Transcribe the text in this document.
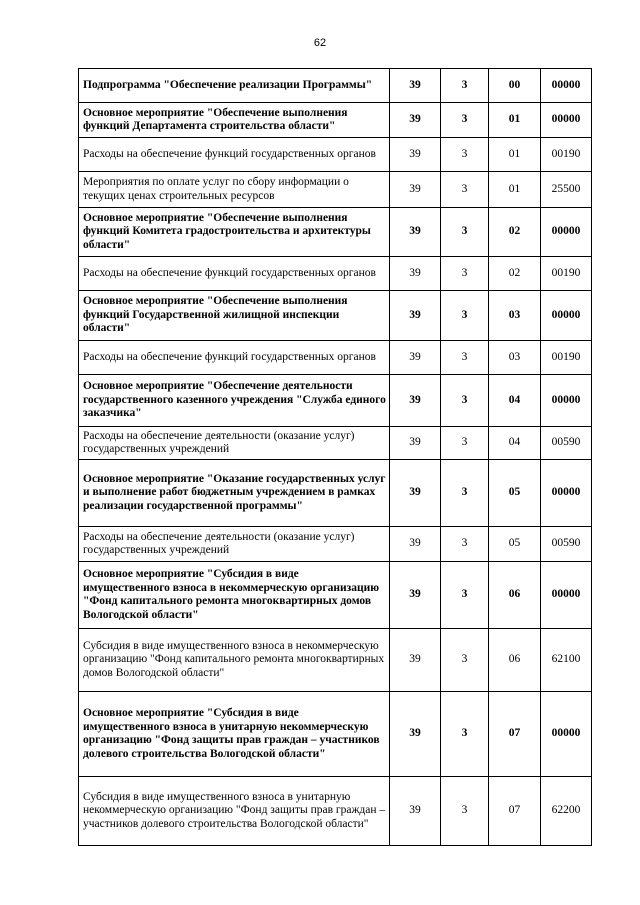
62
Подпрограмма "Обеспечение реализации Программы"	39	3	00	00000
Основное мероприятие "Обеспечение выполнения функций Департамента строительства области"	39	3	01	00000
Расходы на обеспечение функций государственных органов	39	3	01	00190
Мероприятия по оплате услуг по сбору информации о текущих ценах строительных ресурсов	39	3	01	25500
Основное мероприятие "Обеспечение выполнения функций Комитета градостроительства и архитектуры области"	39	3	02	00000
Расходы на обеспечение функций государственных органов	39	3	02	00190
Основное мероприятие "Обеспечение выполнения функций Государственной жилищной инспекции области"	39	3	03	00000
Расходы на обеспечение функций государственных органов	39	3	03	00190
Основное мероприятие "Обеспечение деятельности государственного казенного учреждения "Служба единого заказчика"	39	3	04	00000
Расходы на обеспечение деятельности (оказание услуг) государственных учреждений	39	3	04	00590
Основное мероприятие "Оказание государственных услуг и выполнение работ бюджетным учреждением в рамках реализации государственной программы"	39	3	05	00000
Расходы на обеспечение деятельности (оказание услуг) государственных учреждений	39	3	05	00590
Основное мероприятие "Субсидия в виде имущественного взноса в некоммерческую организацию "Фонд капитального ремонта многоквартирных домов Вологодской области"	39	3	06	00000
Субсидия в виде имущественного взноса в некоммерческую организацию "Фонд капитального ремонта многоквартирных домов Вологодской области"	39	3	06	62100
Основное мероприятие "Субсидия в виде имущественного взноса в унитарную некоммерческую организацию "Фонд защиты прав граждан – участников долевого строительства Вологодской области"	39	3	07	00000
Субсидия в виде имущественного взноса в унитарную некоммерческую организацию "Фонд защиты прав граждан – участников долевого строительства Вологодской области"	39	3	07	62200
